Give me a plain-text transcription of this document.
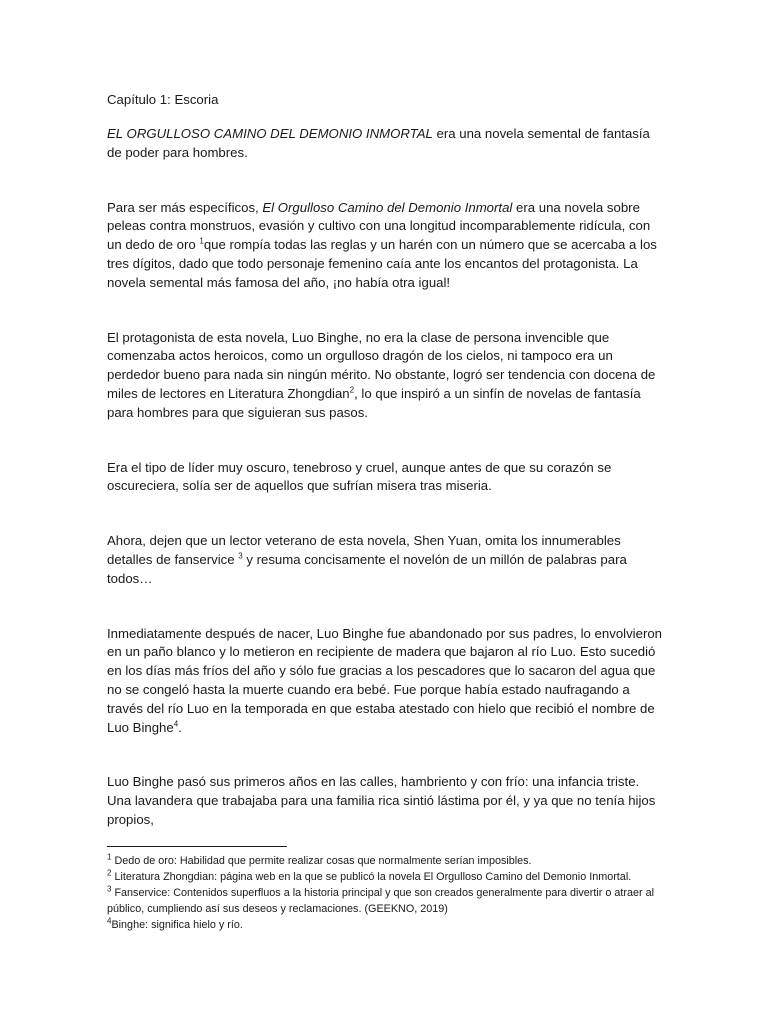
Capítulo 1: Escoria

EL ORGULLOSO CAMINO DEL DEMONIO INMORTAL era una novela semental de fantasía de poder para hombres.

Para ser más específicos, El Orgulloso Camino del Demonio Inmortal era una novela sobre peleas contra monstruos, evasión y cultivo con una longitud incomparablemente ridícula, con un dedo de oro $^1$que rompía todas las reglas y un harén con un número que se acercaba a los tres dígitos, dado que todo personaje femenino caía ante los encantos del protagonista. La novela semental más famosa del año, ¡no había otra igual!

El protagonista de esta novela, Luo Binghe, no era la clase de persona invencible que comenzaba actos heroicos, como un orgulloso dragón de los cielos, ni tampoco era un perdedor bueno para nada sin ningún mérito. No obstante, logró ser tendencia con docena de miles de lectores en Literatura Zhongdian$^2$, lo que inspiró a un sinfín de novelas de fantasía para hombres para que siguieran sus pasos.

Era el tipo de líder muy oscuro, tenebroso y cruel, aunque antes de que su corazón se oscureciera, solía ser de aquellos que sufrían misera tras miseria.

Ahora, dejen que un lector veterano de esta novela, Shen Yuan, omita los innumerables detalles de fanservice $^3$ y resuma concisamente el novelón de un millón de palabras para todos…

Inmediatamente después de nacer, Luo Binghe fue abandonado por sus padres, lo envolvieron en un paño blanco y lo metieron en recipiente de madera que bajaron al río Luo. Esto sucedió en los días más fríos del año y sólo fue gracias a los pescadores que lo sacaron del agua que no se congeló hasta la muerte cuando era bebé. Fue porque había estado naufragando a través del río Luo en la temporada en que estaba atestado con hielo que recibió el nombre de Luo Binghe$^4$.

Luo Binghe pasó sus primeros años en las calles, hambriento y con frío: una infancia triste. Una lavandera que trabajaba para una familia rica sintió lástima por él, y ya que no tenía hijos propios,

$^1$ Dedo de oro: Habilidad que permite realizar cosas que normalmente serían imposibles.

$^2$ Literatura Zhongdian: página web en la que se publicó la novela El Orgulloso Camino del Demonio Inmortal.

$^3$ Fanservice: Contenidos superfluos a la historia principal y que son creados generalmente para divertir o atraer al público, cumpliendo así sus deseos y reclamaciones. (GEEKNO, 2019)

$^4$Binghe: significa hielo y río.
